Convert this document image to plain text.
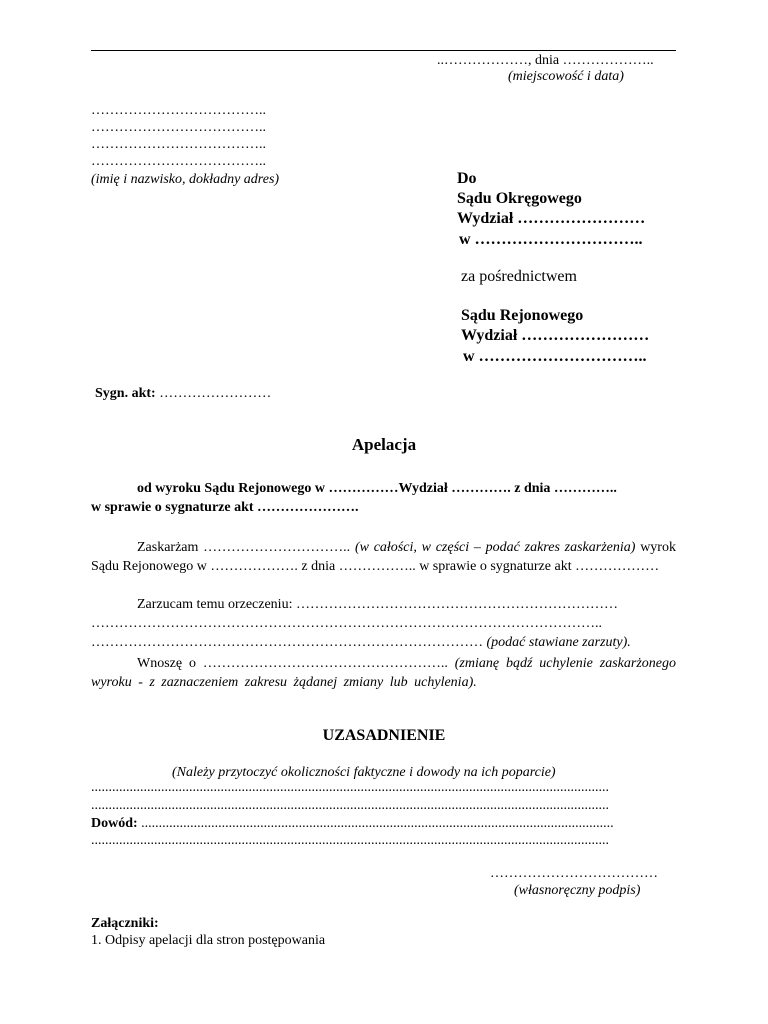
..………………, dnia ………………..
(miejscowość i data)
………………………………..
………………………………..
………………………………..
………………………………..
(imię i nazwisko, dokładny adres)	Do
Sądu Okręgowego
Wydział ……………………
w …………………………..
za pośrednictwem
Sądu Rejonowego
Wydział ……………………
w …………………………..
Sygn. akt: ……………………
Apelacja
od wyroku Sądu Rejonowego w ……………Wydział …………. z dnia …………..
w sprawie o sygnaturze akt ………………….
Zaskarżam ………………………….. (w całości, w części – podać zakres zaskarżenia) wyrok Sądu Rejonowego w ………………. z dnia …………….. w sprawie o sygnaturze akt ………………
Zarzucam temu orzeczeniu: ……………………………………………………………
………………………………………………………………………………………………..
………………………………………………………………………… (podać stawiane zarzuty).
Wnoszę o …………………………………………….. (zmianę bądź uchylenie zaskarżonego wyroku - z zaznaczeniem zakresu żądanej zmiany lub uchylenia).
UZASADNIENIE
(Należy przytoczyć okoliczności faktyczne i dowody na ich poparcie)
....................................................................................................................................................
....................................................................................................................................................
Dowód: .......................................................................................................................................
....................................................................................................................................................
………………………………
(własnoręczny podpis)
Załączniki:
1. Odpisy apelacji dla stron postępowania
